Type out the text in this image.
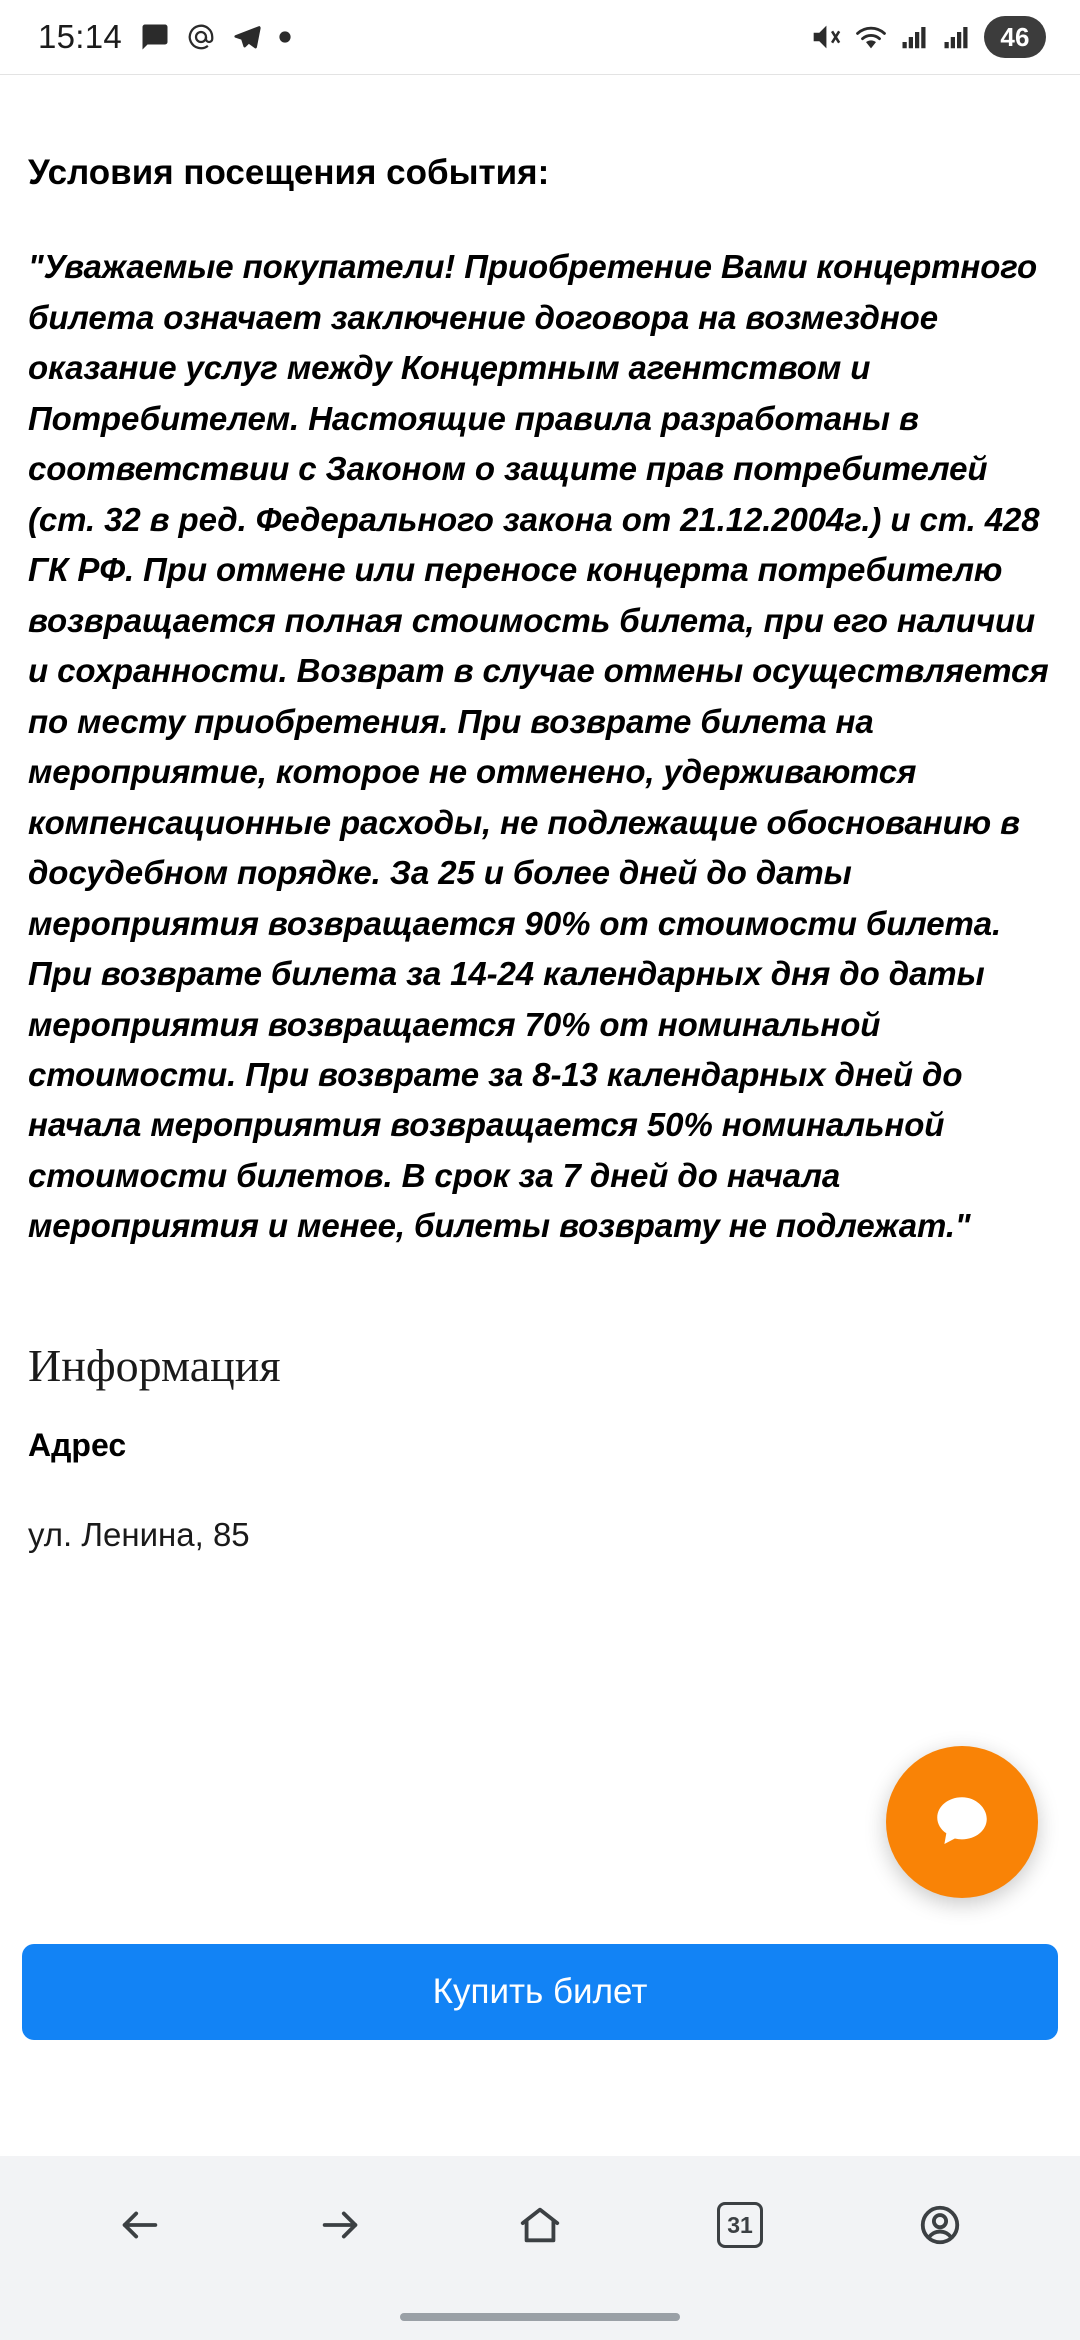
15:14	46
Условия посещения события:
"Уважаемые покупатели! Приобретение Вами концертного билета означает заключение договора на возмездное оказание услуг между Концертным агентством и Потребителем. Настоящие правила разработаны в соответствии с Законом о защите прав потребителей (ст. 32 в ред. Федерального закона от 21.12.2004г.) и ст. 428 ГК РФ. При отмене или переносе концерта потребителю возвращается полная стоимость билета, при его наличии и сохранности. Возврат в случае отмены осуществляется по месту приобретения. При возврате билета на мероприятие, которое не отменено, удерживаются компенсационные расходы, не подлежащие обоснованию в досудебном порядке. За 25 и более дней до даты мероприятия возвращается 90% от стоимости билета. При возврате билета за 14-24 календарных дня до даты мероприятия возвращается 70% от номинальной стоимости. При возврате за 8-13 календарных дней до начала мероприятия возвращается 50% номинальной стоимости билетов. В срок за 7 дней до начала мероприятия и менее, билеты возврату не подлежат."
Информация
Адрес
ул. Ленина, 85
Купить билет
31
